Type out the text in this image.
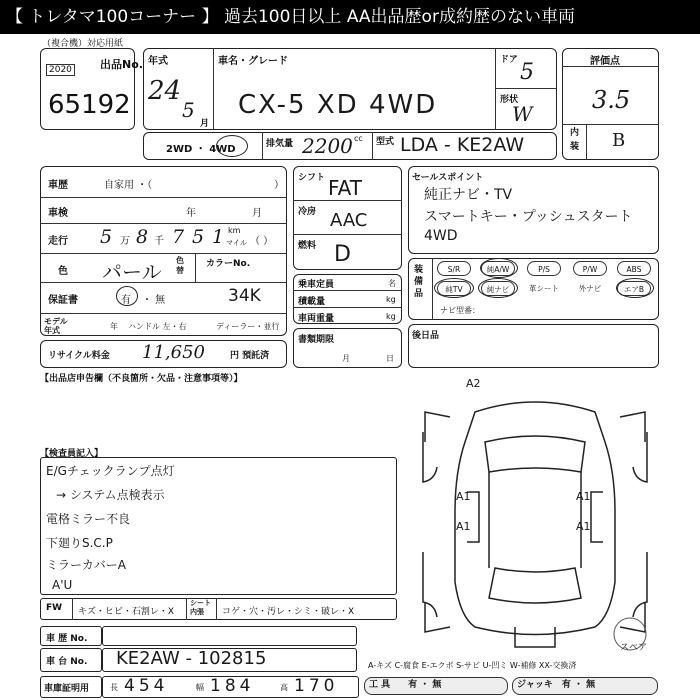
【 トレタマ100コーナー 】 過去100日以上 AA出品歴or成約歴のない車両
（複合機）対応用紙
出品No.
2020
65192
年式
24
5
月
車名・グレード
CX-5 XD 4WD
ドア 5
形状
W
評価点
3.5
内装 B
2WD ・ 4WD	排気量 2200 cc 型式 LDA - KE2AW
車歴	自家用 ・（	）
車検	年	月
走行 5 万 8 千 7 5 1 km
マイル （ ）
色 パール 色替
カラーNo.
保証書	有 ・ 無	34K
モデル年式	年 ハンドル 左・右	ディーラー・並行
リサイクル料金 11,650	円 預託済
シフト FAT
冷房 AAC
燃料 D
乗車定員	名
積載量	kg
車両重量	kg
書類期限
月	日
セールスポイント
純正ナビ・TV
スマートキー・プッシュスタート
4WD
装備品
S/R	純A/W	P/S	P/W	ABS
純TV	純ナビ	革シート	外ナビ	エアB
ナビ型番：
後日品
【出品店申告欄（不良箇所・欠品・注意事項等）】
【検査員記入】
E/Gチェックランプ点灯
→ システム点検表示
電格ミラー不良
下廻りS.C.P
ミラーカバーA
A'U
A2
A1	A1
A1	A1
スペア
FW キズ・ヒビ・石割レ・X
シート
内張	コゲ・穴・汚レ・シミ・破レ・X
車 歴 No.
車 台 No. KE2AW - 102815
車庫証明用	長 454	幅 184	高 170
A-キズ C-腐食 E-エクボ S-サビ U-凹ミ W-補修 XX-交換済
工 具　　有 ・ 無	ジャッキ　有 ・ 無
